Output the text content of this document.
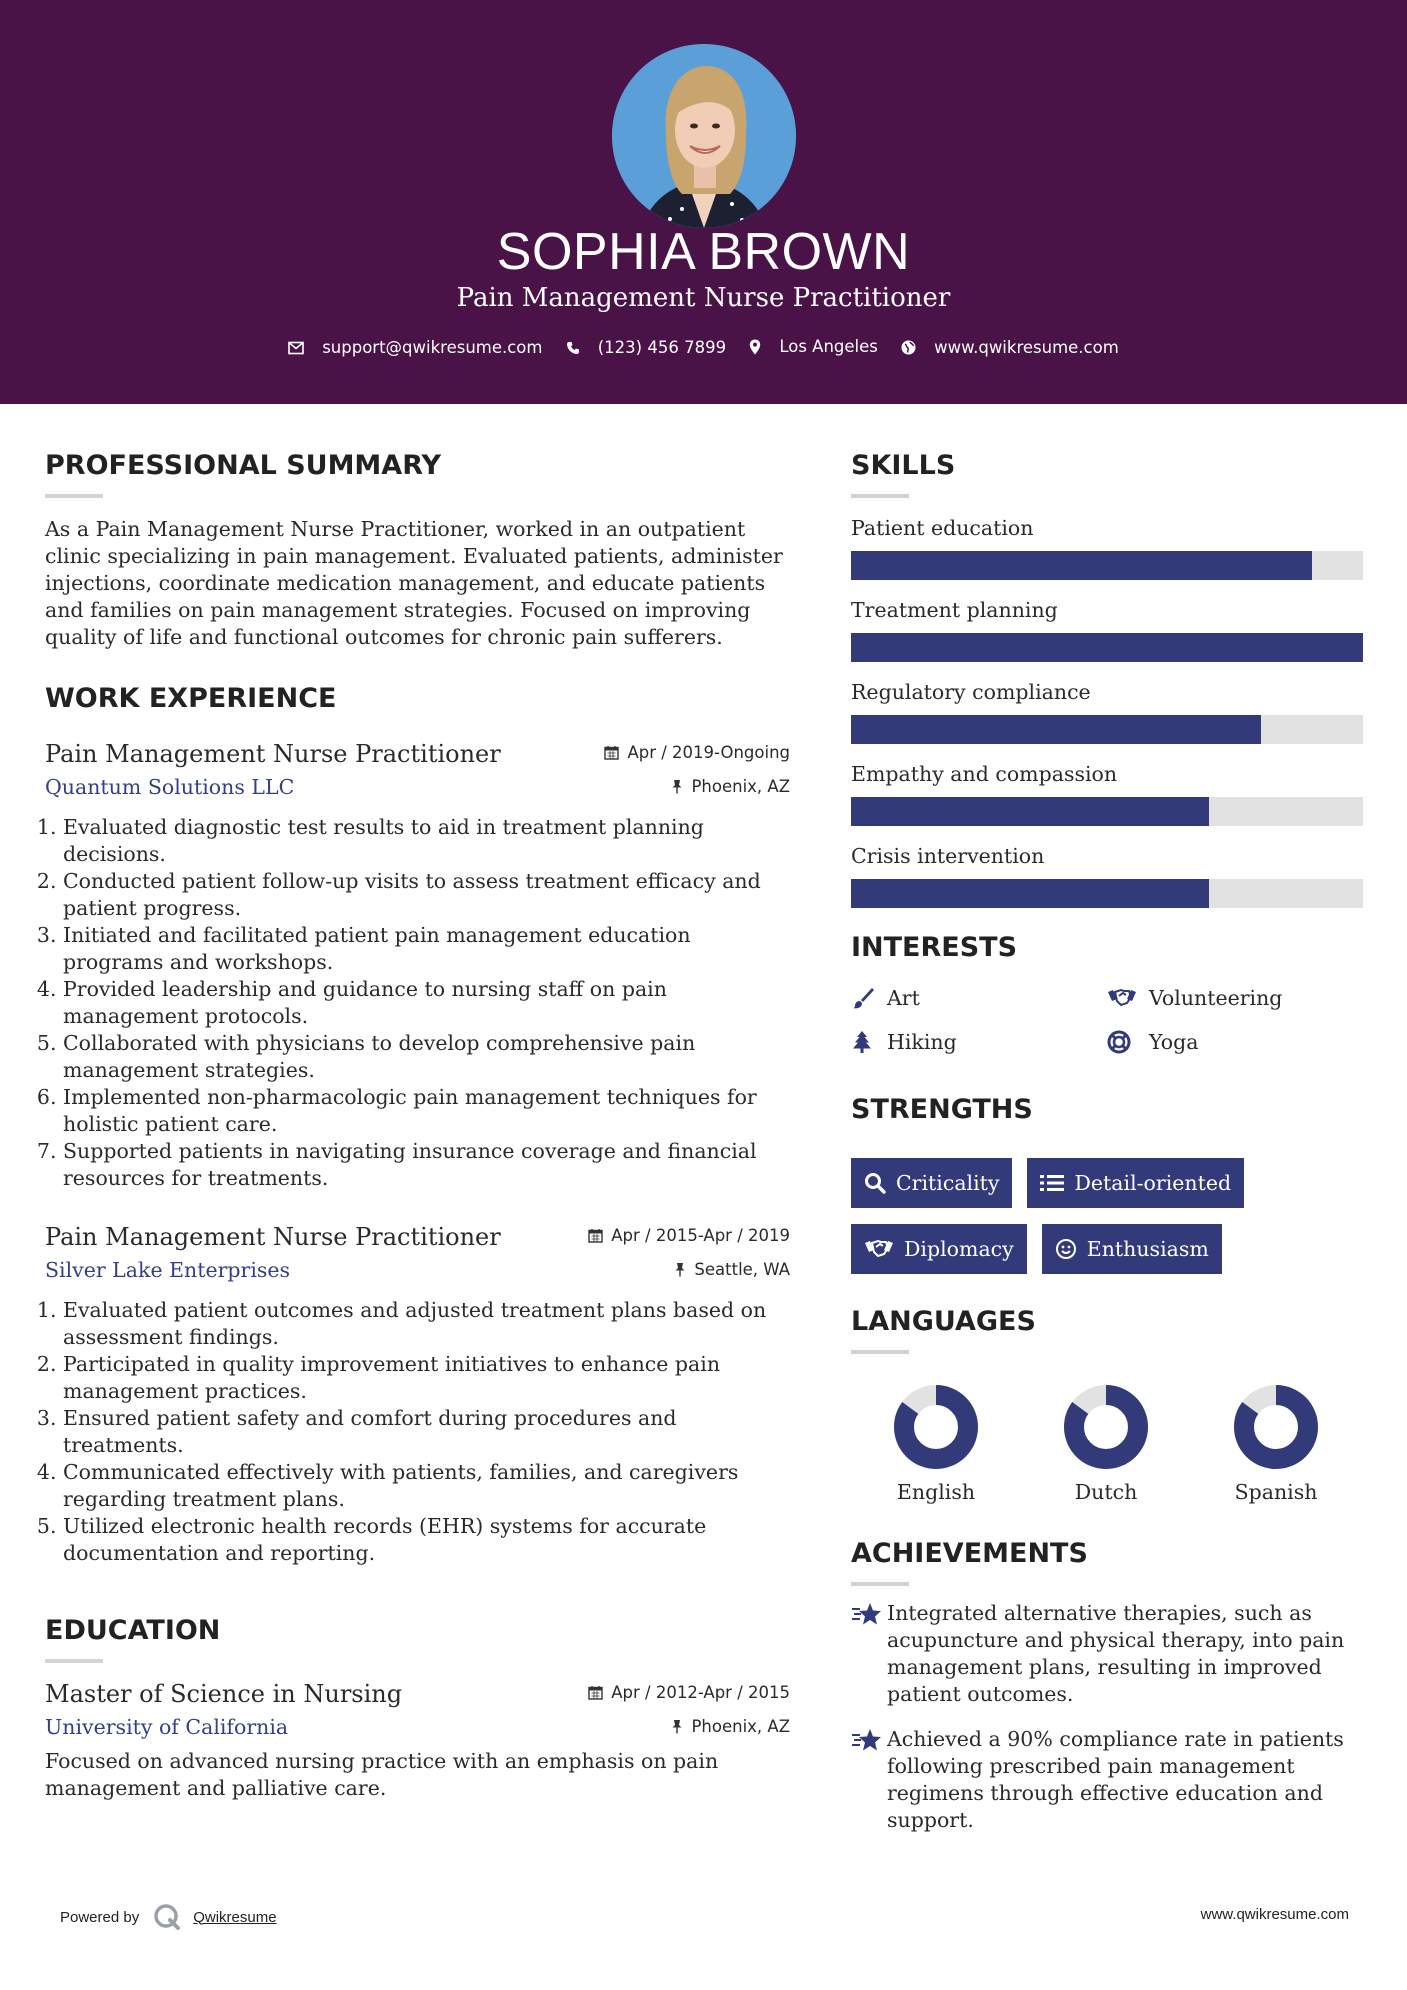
SOPHIA BROWN
Pain Management Nurse Practitioner
support@qwikresume.com
	(123) 456 7899
	Los Angeles
	www.qwikresume.com
PROFESSIONAL SUMMARY

As a Pain Management Nurse Practitioner, worked in an outpatient clinic specializing in pain management. Evaluated patients, administer injections, coordinate medication management, and educate patients and families on pain management strategies. Focused on improving quality of life and functional outcomes for chronic pain sufferers.

WORK EXPERIENCE
Apr / 2019-Ongoing
Phoenix, AZ
Pain Management Nurse Practitioner
Quantum Solutions LLC
1. Evaluated diagnostic test results to aid in treatment planning decisions.
2. Conducted patient follow-up visits to assess treatment efficacy and patient progress.
3. Initiated and facilitated patient pain management education programs and workshops.
4. Provided leadership and guidance to nursing staff on pain management protocols.
5. Collaborated with physicians to develop comprehensive pain management strategies.
6. Implemented non-pharmacologic pain management techniques for holistic patient care.
7. Supported patients in navigating insurance coverage and financial resources for treatments.
Apr / 2015-Apr / 2019
Seattle, WA
Pain Management Nurse Practitioner
Silver Lake Enterprises
1. Evaluated patient outcomes and adjusted treatment plans based on assessment findings.
2. Participated in quality improvement initiatives to enhance pain management practices.
3. Ensured patient safety and comfort during procedures and treatments.
4. Communicated effectively with patients, families, and caregivers regarding treatment plans.
5. Utilized electronic health records (EHR) systems for accurate documentation and reporting.
EDUCATION
Apr / 2012-Apr / 2015
Phoenix, AZ
Master of Science in Nursing
University of California

Focused on advanced nursing practice with an emphasis on pain management and palliative care.

SKILLS
Patient education
Treatment planning
Regulatory compliance
Empathy and compassion
Crisis intervention
INTERESTS
Art	Volunteering
Hiking	Yoga
STRENGTHS
Criticality	Detail-oriented
Diplomacy	Enthusiasm
LANGUAGES
English	Dutch	Spanish
ACHIEVEMENTS
Integrated alternative therapies, such as acupuncture and physical therapy, into pain management plans, resulting in improved patient outcomes.
Achieved a 90% compliance rate in patients following prescribed pain management regimens through effective education and support.
Powered by	Qwikresume	www.qwikresume.com
